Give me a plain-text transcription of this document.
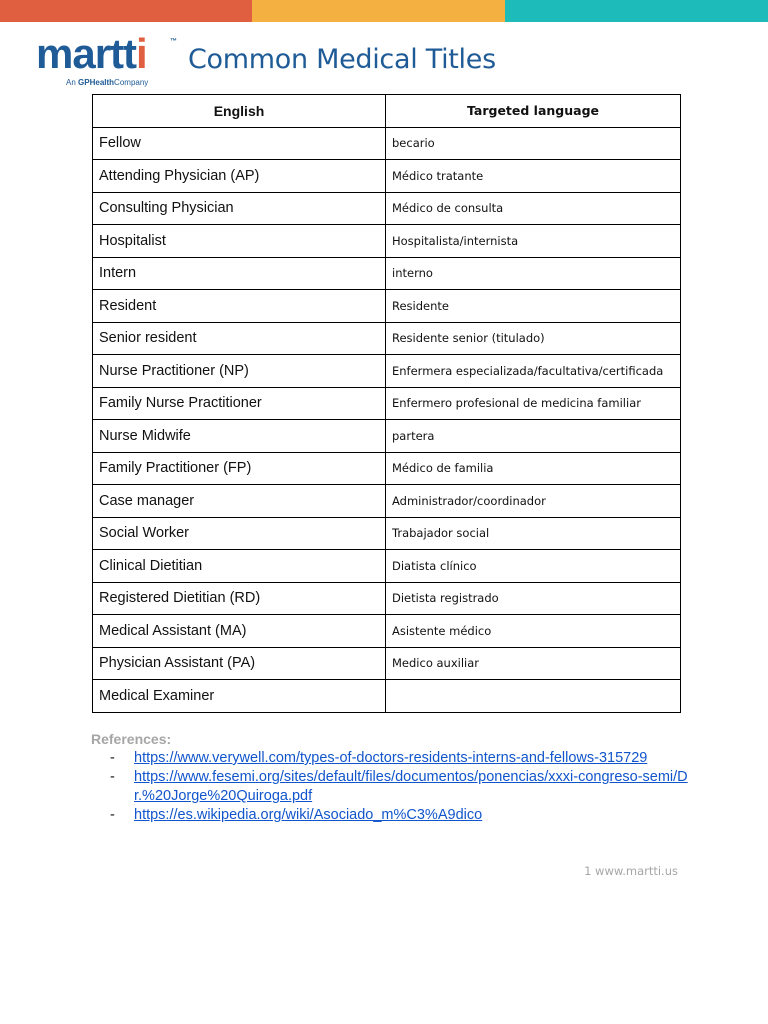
martti	™
An GPHealthCompany
Common Medical Titles
English	Targeted language
Fellow	becario
Attending Physician (AP)	Médico tratante
Consulting Physician	Médico de consulta
Hospitalist	Hospitalista/internista
Intern	interno
Resident	Residente
Senior resident	Residente senior (titulado)
Nurse Practitioner (NP)	Enfermera especializada/facultativa/certificada
Family Nurse Practitioner	Enfermero profesional de medicina familiar
Nurse Midwife	partera
Family Practitioner (FP)	Médico de familia
Case manager	Administrador/coordinador
Social Worker	Trabajador social
Clinical Dietitian	Diatista clínico
Registered Dietitian (RD)	Dietista registrado
Medical Assistant (MA)	Asistente médico
Physician Assistant (PA)	Medico auxiliar
Medical Examiner	
References:
- https://www.verywell.com/types-of-doctors-residents-interns-and-fellows-315729
- https://www.fesemi.org/sites/default/files/documentos/ponencias/xxxi-congreso-semi/Dr.%20Jorge%20Quiroga.pdf
- https://es.wikipedia.org/wiki/Asociado_m%C3%A9dico
1 www.martti.us
